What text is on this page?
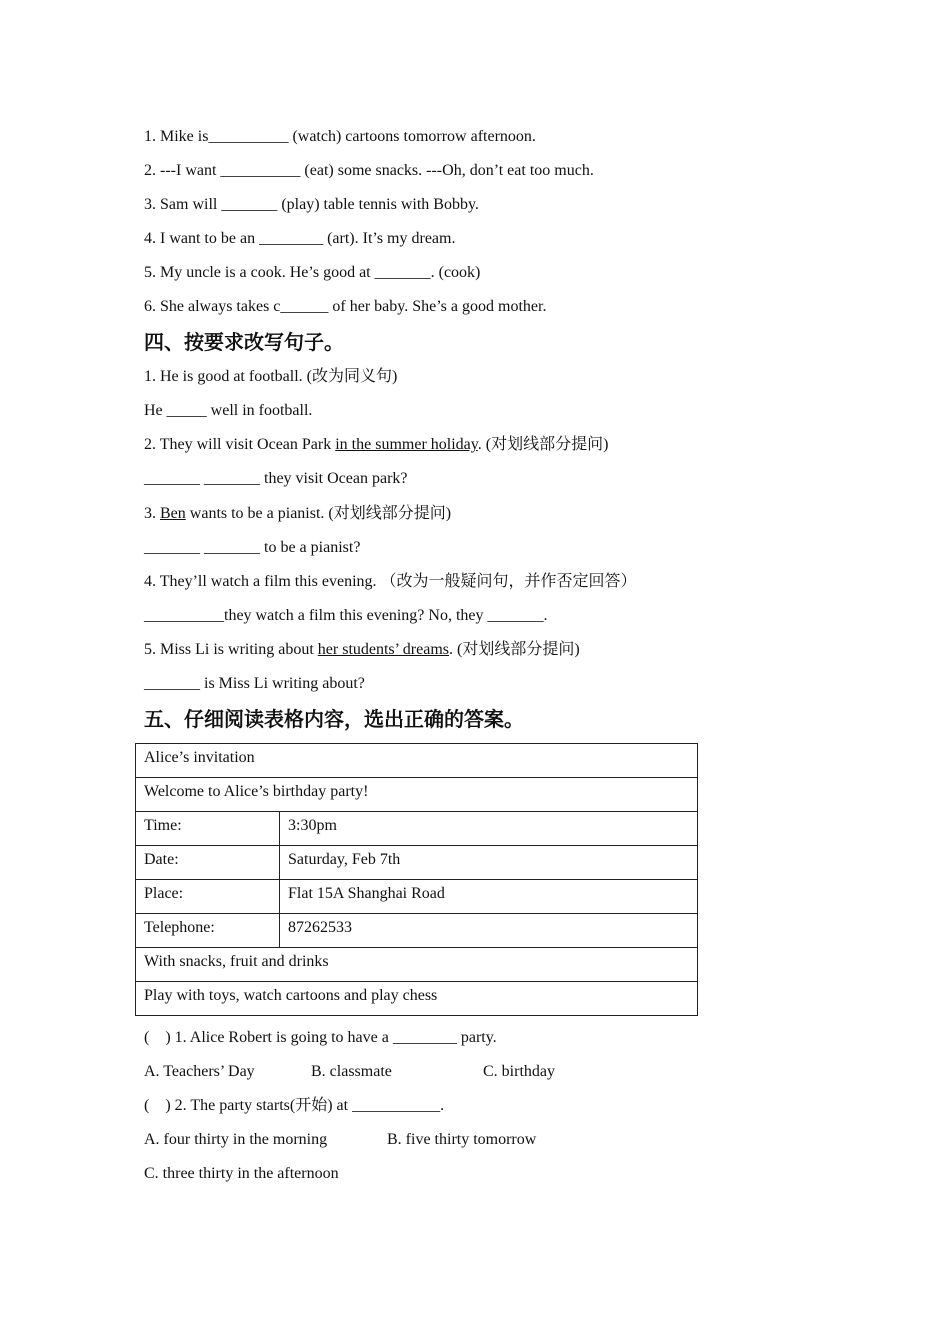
1. Mike is__________ (watch) cartoons tomorrow afternoon.
2. ---I want __________ (eat) some snacks. ---Oh, don’t eat too much.
3. Sam will _______ (play) table tennis with Bobby.
4. I want to be an ________ (art). It’s my dream.
5. My uncle is a cook. He’s good at _______. (cook)
6. She always takes c______ of her baby. She’s a good mother.
四、按要求改写句子。
1. He is good at football. (改为同义句)
He _____ well in football.
2. They will visit Ocean Park in the summer holiday. (对划线部分提问)
_______ _______ they visit Ocean park?
3. Ben wants to be a pianist. (对划线部分提问)
_______ _______ to be a pianist?
4. They’ll watch a film this evening. （改为一般疑问句，并作否定回答）
__________they watch a film this evening? No, they _______.
5. Miss Li is writing about her students’ dreams. (对划线部分提问)
_______ is Miss Li writing about?
五、仔细阅读表格内容，选出正确的答案。
Alice’s invitation	
Welcome to Alice’s birthday party!	
Time:	3:30pm
Date:	Saturday, Feb 7th
Place:	Flat 15A Shanghai Road
Telephone:	87262533
With snacks, fruit and drinks	
Play with toys, watch cartoons and play chess	
(    ) 1. Alice Robert is going to have a ________ party.
A. Teachers’ Day	B. classmate	C. birthday
(    ) 2. The party starts(开始) at ___________.
A. four thirty in the morning	B. five thirty tomorrow
C. three thirty in the afternoon
